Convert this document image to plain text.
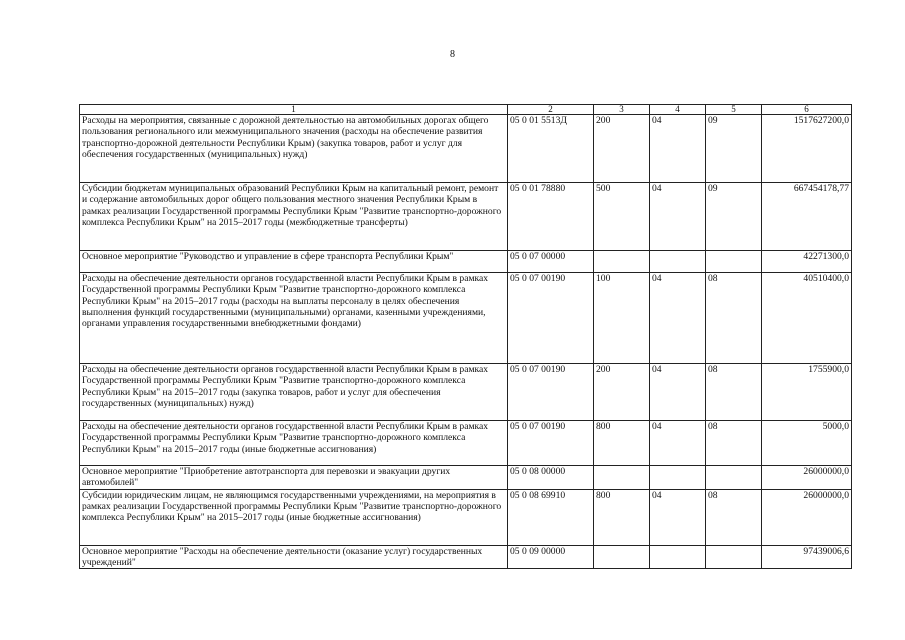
8
1	2	3	4	5	6
Расходы на мероприятия, связанные с дорожной деятельностью на автомобильных дорогах общего пользования регионального или межмуниципального значения (расходы на обеспечение развития транспортно-дорожной деятельности Республики Крым) (закупка товаров, работ и услуг для обеспечения государственных (муниципальных) нужд)	05 0 01 5513Д	200	04	09	1517627200,0
Субсидии бюджетам муниципальных образований Республики Крым на капитальный ремонт, ремонт и содержание автомобильных дорог общего пользования местного значения Республики Крым в рамках реализации Государственной программы Республики Крым "Развитие транспортно-дорожного комплекса Республики Крым" на 2015–2017 годы (межбюджетные трансферты)	05 0 01 78880	500	04	09	667454178,77
Основное мероприятие "Руководство и управление в сфере транспорта Республики Крым"	05 0 07 00000				42271300,0
Расходы на обеспечение деятельности органов государственной власти Республики Крым в рамках Государственной программы Республики Крым "Развитие транспортно-дорожного комплекса Республики Крым" на 2015–2017 годы (расходы на выплаты персоналу в целях обеспечения выполнения функций государственными (муниципальными) органами, казенными учреждениями, органами управления государственными внебюджетными фондами)	05 0 07 00190	100	04	08	40510400,0
Расходы на обеспечение деятельности органов государственной власти Республики Крым в рамках Государственной программы Республики Крым "Развитие транспортно-дорожного комплекса Республики Крым" на 2015–2017 годы (закупка товаров, работ и услуг для обеспечения государственных (муниципальных) нужд)	05 0 07 00190	200	04	08	1755900,0
Расходы на обеспечение деятельности органов государственной власти Республики Крым в рамках Государственной программы Республики Крым "Развитие транспортно-дорожного комплекса Республики Крым" на 2015–2017 годы (иные бюджетные ассигнования)	05 0 07 00190	800	04	08	5000,0
Основное мероприятие "Приобретение автотранспорта для перевозки и эвакуации других автомобилей"	05 0 08 00000				26000000,0
Субсидии юридическим лицам, не являющимся государственными учреждениями, на мероприятия в рамках реализации Государственной программы Республики Крым "Развитие транспортно-дорожного комплекса Республики Крым" на 2015–2017 годы (иные бюджетные ассигнования)	05 0 08 69910	800	04	08	26000000,0
Основное мероприятие "Расходы на обеспечение деятельности (оказание услуг) государственных учреждений"	05 0 09 00000				97439006,6
